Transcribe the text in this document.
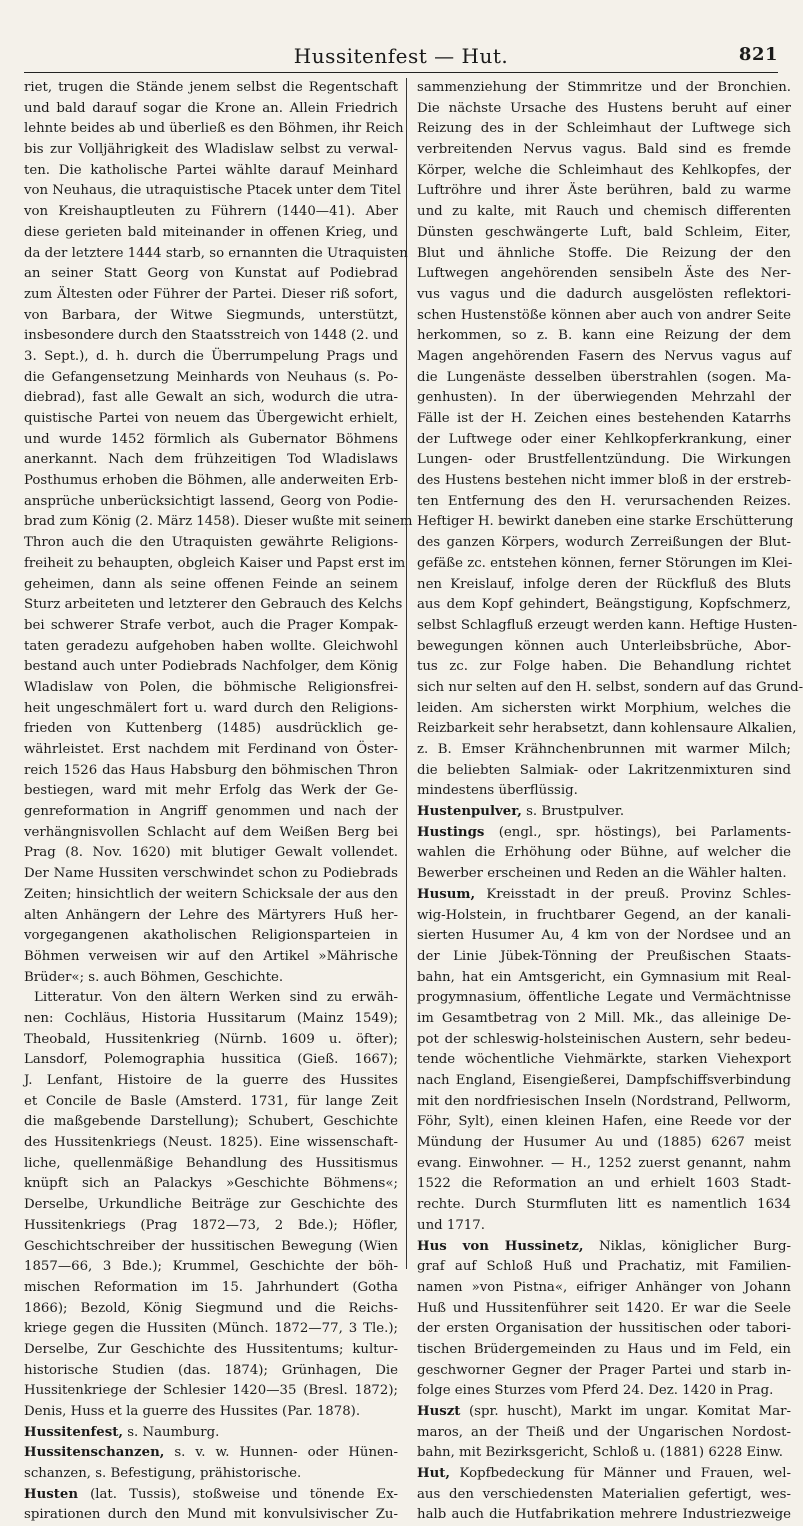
Hussitenfest — Hut.	821
riet, trugen die Stände jenem selbst die Regentschaft
und bald darauf sogar die Krone an. Allein Friedrich
lehnte beides ab und überließ es den Böhmen, ihr Reich
bis zur Volljährigkeit des Wladislaw selbst zu verwal-
ten. Die katholische Partei wählte darauf Meinhard
von Neuhaus, die utraquistische Ptacek unter dem Titel
von Kreishauptleuten zu Führern (1440—41). Aber
diese gerieten bald miteinander in offenen Krieg, und
da der letztere 1444 starb, so ernannten die Utraquisten
an seiner Statt Georg von Kunstat auf Podiebrad
zum Ältesten oder Führer der Partei. Dieser riß sofort,
von Barbara, der Witwe Siegmunds, unterstützt,
insbesondere durch den Staatsstreich von 1448 (2. und
3. Sept.), d. h. durch die Überrumpelung Prags und
die Gefangensetzung Meinhards von Neuhaus (s. Po-
diebrad), fast alle Gewalt an sich, wodurch die utra-
quistische Partei von neuem das Übergewicht erhielt,
und wurde 1452 förmlich als Gubernator Böhmens
anerkannt. Nach dem frühzeitigen Tod Wladislaws
Posthumus erhoben die Böhmen, alle anderweiten Erb-
ansprüche unberücksichtigt lassend, Georg von Podie-
brad zum König (2. März 1458). Dieser wußte mit seinem
Thron auch die den Utraquisten gewährte Religions-
freiheit zu behaupten, obgleich Kaiser und Papst erst im
geheimen, dann als seine offenen Feinde an seinem
Sturz arbeiteten und letzterer den Gebrauch des Kelchs
bei schwerer Strafe verbot, auch die Prager Kompak-
taten geradezu aufgehoben haben wollte. Gleichwohl
bestand auch unter Podiebrads Nachfolger, dem König
Wladislaw von Polen, die böhmische Religionsfrei-
heit ungeschmälert fort u. ward durch den Religions-
frieden von Kuttenberg (1485) ausdrücklich ge-
währleistet. Erst nachdem mit Ferdinand von Öster-
reich 1526 das Haus Habsburg den böhmischen Thron
bestiegen, ward mit mehr Erfolg das Werk der Ge-
genreformation in Angriff genommen und nach der
verhängnisvollen Schlacht auf dem Weißen Berg bei
Prag (8. Nov. 1620) mit blutiger Gewalt vollendet.
Der Name Hussiten verschwindet schon zu Podiebrads
Zeiten; hinsichtlich der weitern Schicksale der aus den
alten Anhängern der Lehre des Märtyrers Huß her-
vorgegangenen akatholischen Religionsparteien in
Böhmen verweisen wir auf den Artikel »Mährische
Brüder«; s. auch Böhmen, Geschichte.
Litteratur. Von den ältern Werken sind zu erwäh-
nen: Cochläus, Historia Hussitarum (Mainz 1549);
Theobald, Hussitenkrieg (Nürnb. 1609 u. öfter);
Lansdorf, Polemographia hussitica (Gieß. 1667);
J. Lenfant, Histoire de la guerre des Hussites
et Concile de Basle (Amsterd. 1731, für lange Zeit
die maßgebende Darstellung); Schubert, Geschichte
des Hussitenkriegs (Neust. 1825). Eine wissenschaft-
liche, quellenmäßige Behandlung des Hussitismus
knüpft sich an Palackys »Geschichte Böhmens«;
Derselbe, Urkundliche Beiträge zur Geschichte des
Hussitenkriegs (Prag 1872—73, 2 Bde.); Höfler,
Geschichtschreiber der hussitischen Bewegung (Wien
1857—66, 3 Bde.); Krummel, Geschichte der böh-
mischen Reformation im 15. Jahrhundert (Gotha
1866); Bezold, König Siegmund und die Reichs-
kriege gegen die Hussiten (Münch. 1872—77, 3 Tle.);
Derselbe, Zur Geschichte des Hussitentums; kultur-
historische Studien (das. 1874); Grünhagen, Die
Hussitenkriege der Schlesier 1420—35 (Bresl. 1872);
Denis, Huss et la guerre des Hussites (Par. 1878).
Hussitenfest, s. Naumburg.
Hussitenschanzen, s. v. w. Hunnen- oder Hünen-
schanzen, s. Befestigung, prähistorische.
Husten (lat. Tussis), stoßweise und tönende Ex-
spirationen durch den Mund mit konvulsivischer Zu-
sammenziehung der Stimmritze und der Bronchien.
Die nächste Ursache des Hustens beruht auf einer
Reizung des in der Schleimhaut der Luftwege sich
verbreitenden Nervus vagus. Bald sind es fremde
Körper, welche die Schleimhaut des Kehlkopfes, der
Luftröhre und ihrer Äste berühren, bald zu warme
und zu kalte, mit Rauch und chemisch differenten
Dünsten geschwängerte Luft, bald Schleim, Eiter,
Blut und ähnliche Stoffe. Die Reizung der den
Luftwegen angehörenden sensibeln Äste des Ner-
vus vagus und die dadurch ausgelösten reflektori-
schen Hustenstöße können aber auch von andrer Seite
herkommen, so z. B. kann eine Reizung der dem
Magen angehörenden Fasern des Nervus vagus auf
die Lungenäste desselben überstrahlen (sogen. Ma-
genhusten). In der überwiegenden Mehrzahl der
Fälle ist der H. Zeichen eines bestehenden Katarrhs
der Luftwege oder einer Kehlkopferkrankung, einer
Lungen- oder Brustfellentzündung. Die Wirkungen
des Hustens bestehen nicht immer bloß in der erstreb-
ten Entfernung des den H. verursachenden Reizes.
Heftiger H. bewirkt daneben eine starke Erschütterung
des ganzen Körpers, wodurch Zerreißungen der Blut-
gefäße zc. entstehen können, ferner Störungen im Klei-
nen Kreislauf, infolge deren der Rückfluß des Bluts
aus dem Kopf gehindert, Beängstigung, Kopfschmerz,
selbst Schlagfluß erzeugt werden kann. Heftige Husten-
bewegungen können auch Unterleibsbrüche, Abor-
tus zc. zur Folge haben. Die Behandlung richtet
sich nur selten auf den H. selbst, sondern auf das Grund-
leiden. Am sichersten wirkt Morphium, welches die
Reizbarkeit sehr herabsetzt, dann kohlensaure Alkalien,
z. B. Emser Krähnchenbrunnen mit warmer Milch;
die beliebten Salmiak- oder Lakritzenmixturen sind
mindestens überflüssig.
Hustenpulver, s. Brustpulver.
Hustings (engl., spr. höstings), bei Parlaments-
wahlen die Erhöhung oder Bühne, auf welcher die
Bewerber erscheinen und Reden an die Wähler halten.
Husum, Kreisstadt in der preuß. Provinz Schles-
wig-Holstein, in fruchtbarer Gegend, an der kanali-
sierten Husumer Au, 4 km von der Nordsee und an
der Linie Jübek-Tönning der Preußischen Staats-
bahn, hat ein Amtsgericht, ein Gymnasium mit Real-
progymnasium, öffentliche Legate und Vermächtnisse
im Gesamtbetrag von 2 Mill. Mk., das alleinige De-
pot der schleswig-holsteinischen Austern, sehr bedeu-
tende wöchentliche Viehmärkte, starken Viehexport
nach England, Eisengießerei, Dampfschiffsverbindung
mit den nordfriesischen Inseln (Nordstrand, Pellworm,
Föhr, Sylt), einen kleinen Hafen, eine Reede vor der
Mündung der Husumer Au und (1885) 6267 meist
evang. Einwohner. — H., 1252 zuerst genannt, nahm
1522 die Reformation an und erhielt 1603 Stadt-
rechte. Durch Sturmfluten litt es namentlich 1634
und 1717.
Hus von Hussinetz, Niklas, königlicher Burg-
graf auf Schloß Huß und Prachatiz, mit Familien-
namen »von Pistna«, eifriger Anhänger von Johann
Huß und Hussitenführer seit 1420. Er war die Seele
der ersten Organisation der hussitischen oder tabori-
tischen Brüdergemeinden zu Haus und im Feld, ein
geschworner Gegner der Prager Partei und starb in-
folge eines Sturzes vom Pferd 24. Dez. 1420 in Prag.
Huszt (spr. huscht), Markt im ungar. Komitat Mar-
maros, an der Theiß und der Ungarischen Nordost-
bahn, mit Bezirksgericht, Schloß u. (1881) 6228 Einw.
Hut, Kopfbedeckung für Männer und Frauen, wel-
aus den verschiedensten Materialien gefertigt, wes-
halb auch die Hutfabrikation mehrere Industriezweige
